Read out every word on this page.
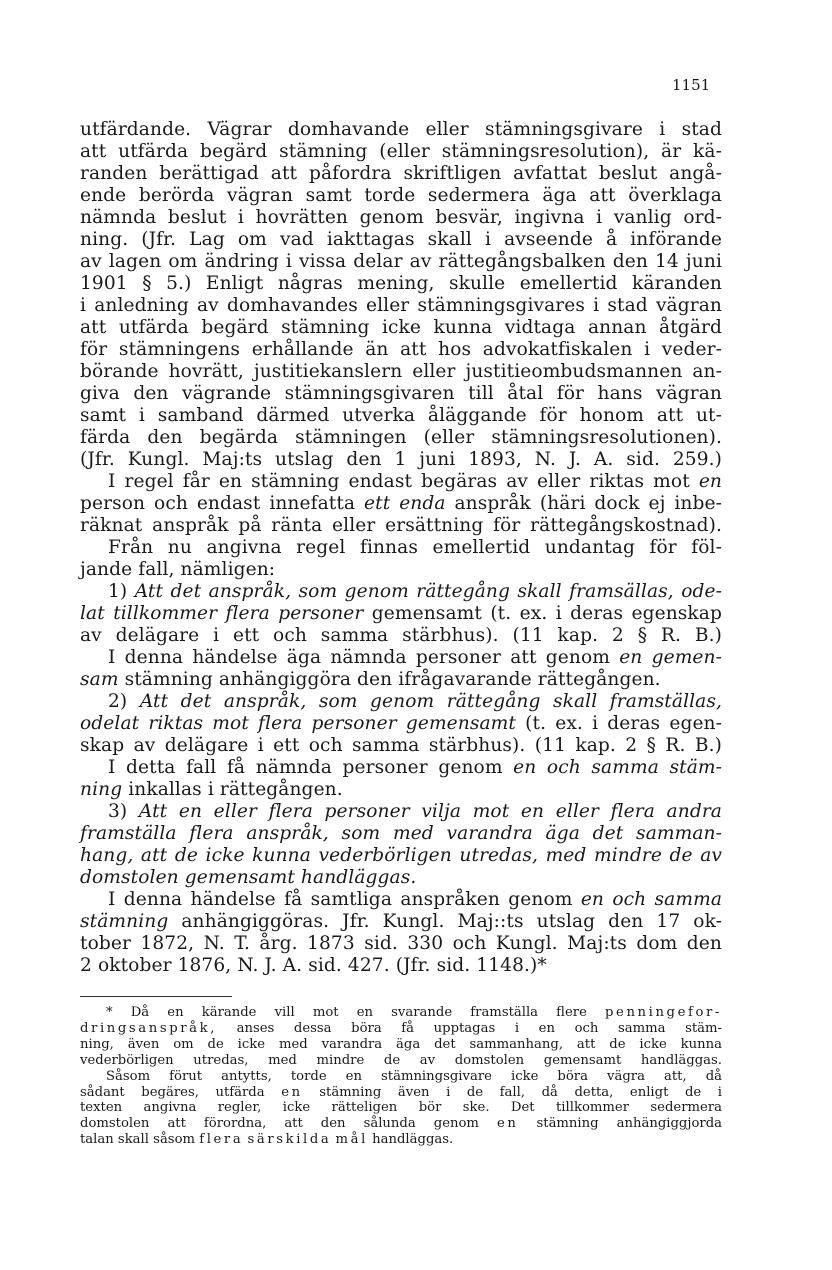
1151
utfärdande. Vägrar domhavande eller stämningsgivare i stad
att utfärda begärd stämning (eller stämningsresolution), är kä-
randen berättigad att påfordra skriftligen avfattat beslut angå-
ende berörda vägran samt torde sedermera äga att överklaga
nämnda beslut i hovrätten genom besvär, ingivna i vanlig ord-
ning. (Jfr. Lag om vad iakttagas skall i avseende å införande
av lagen om ändring i vissa delar av rättegångsbalken den 14 juni
1901 § 5.) Enligt någras mening, skulle emellertid käranden
i anledning av domhavandes eller stämningsgivares i stad vägran
att utfärda begärd stämning icke kunna vidtaga annan åtgärd
för stämningens erhållande än att hos advokatfiskalen i veder-
börande hovrätt, justitiekanslern eller justitieombudsmannen an-
giva den vägrande stämningsgivaren till åtal för hans vägran
samt i samband därmed utverka åläggande för honom att ut-
färda den begärda stämningen (eller stämningsresolutionen).
(Jfr. Kungl. Maj:ts utslag den 1 juni 1893, N. J. A. sid. 259.)
I regel får en stämning endast begäras av eller riktas mot en
person och endast innefatta ett enda anspråk (häri dock ej inbe-
räknat anspråk på ränta eller ersättning för rättegångskostnad).
Från nu angivna regel finnas emellertid undantag för föl-
jande fall, nämligen:
1) Att det anspråk, som genom rättegång skall framsällas, ode-
lat tillkommer flera personer gemensamt (t. ex. i deras egenskap
av delägare i ett och samma stärbhus). (11 kap. 2 § R. B.)
I denna händelse äga nämnda personer att genom en gemen-
sam stämning anhängiggöra den ifrågavarande rättegången.
2) Att det anspråk, som genom rättegång skall framställas,
odelat riktas mot flera personer gemensamt (t. ex. i deras egen-
skap av delägare i ett och samma stärbhus). (11 kap. 2 § R. B.)
I detta fall få nämnda personer genom en och samma stäm-
ning inkallas i rättegången.
3) Att en eller flera personer vilja mot en eller flera andra
framställa flera anspråk, som med varandra äga det samman-
hang, att de icke kunna vederbörligen utredas, med mindre de av
domstolen gemensamt handläggas.
I denna händelse få samtliga anspråken genom en och samma
stämning anhängiggöras. Jfr. Kungl. Maj::ts utslag den 17 ok-
tober 1872, N. T. årg. 1873 sid. 330 och Kungl. Maj:ts dom den
2 oktober 1876, N. J. A. sid. 427. (Jfr. sid. 1148.)*
* Då en kärande vill mot en svarande framställa flere penningefor-
dringsanspråk, anses dessa böra få upptagas i en och samma stäm-
ning, även om de icke med varandra äga det sammanhang, att de icke kunna
vederbörligen utredas, med mindre de av domstolen gemensamt handläggas.
Såsom förut antytts, torde en stämningsgivare icke böra vägra att, då
sådant begäres, utfärda en stämning även i de fall, då detta, enligt de i
texten angivna regler, icke rätteligen bör ske. Det tillkommer sedermera
domstolen att förordna, att den sålunda genom en stämning anhängiggjorda
talan skall såsom flera särskilda mål handläggas.
